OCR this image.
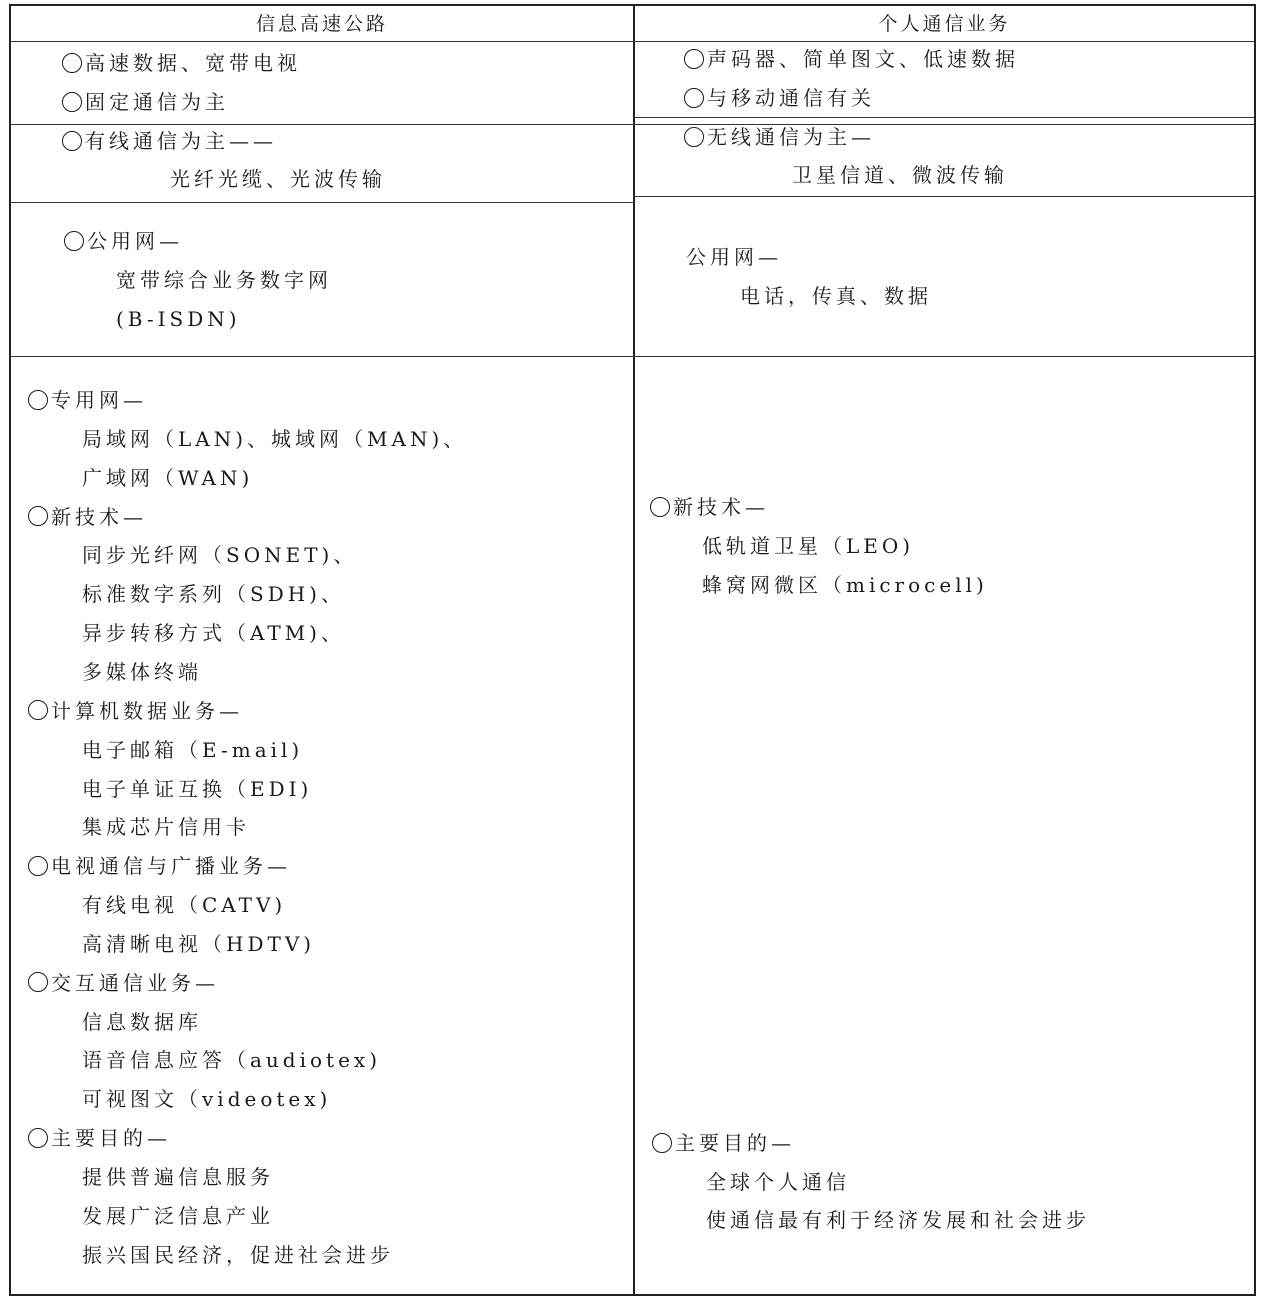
信息高速公路	个人通信业务
高速数据、宽带电视
固定通信为主
声码器、简单图文、低速数据
与移动通信有关
有线通信为主——
光纤光缆、光波传输
无线通信为主—
卫星信道、微波传输
公用网—
宽带综合业务数字网
(B-ISDN)
公用网—
电话，传真、数据
专用网—
局域网（LAN)、城域网（MAN)、
广域网（WAN)
新技术—
同步光纤网（SONET)、
标准数字系列（SDH)、
异步转移方式（ATM)、
多媒体终端
计算机数据业务—
电子邮箱（E-mail)
电子单证互换（EDI)
集成芯片信用卡
电视通信与广播业务—
有线电视（CATV)
高清晰电视（HDTV)
交互通信业务—
信息数据库
语音信息应答（audiotex)
可视图文（videotex)
主要目的—
提供普遍信息服务
发展广泛信息产业
振兴国民经济，促进社会进步
新技术—
低轨道卫星（LEO)
蜂窝网微区（microcell)
主要目的—
全球个人通信
使通信最有利于经济发展和社会进步
